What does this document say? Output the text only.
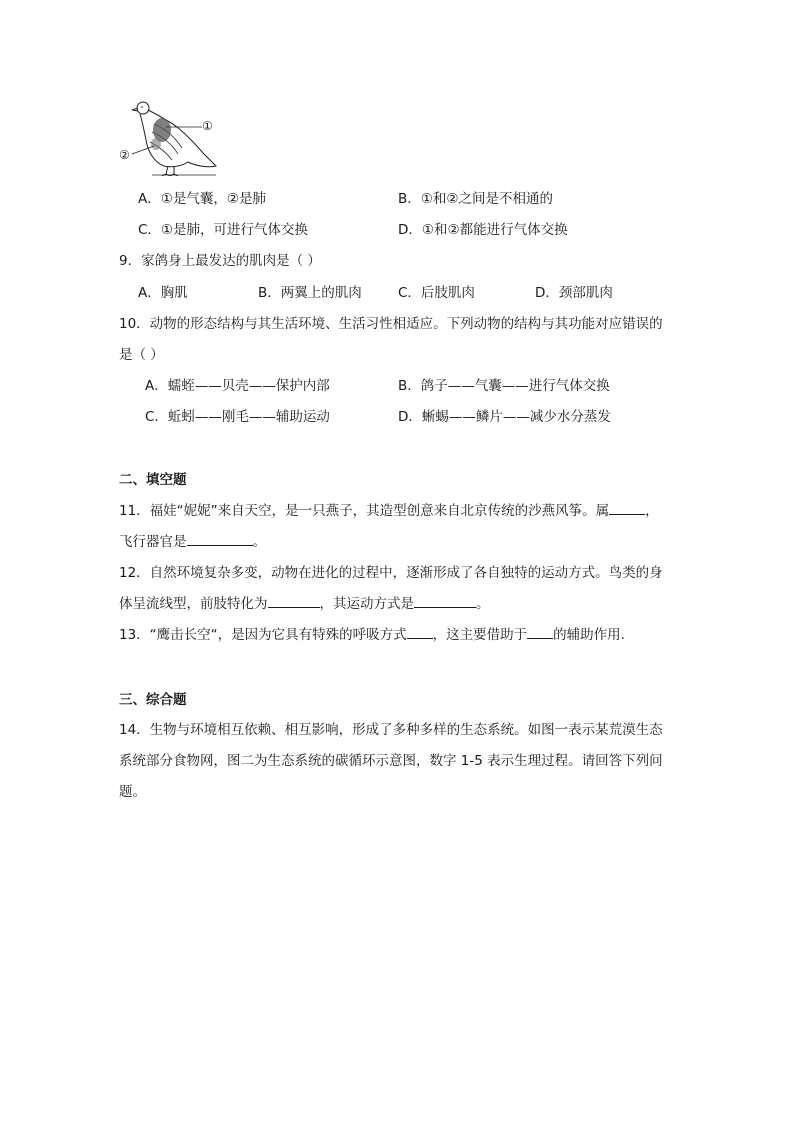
①
②
A．①是气囊，②是肺	B．①和②之间是不相通的
C．①是肺，可进行气体交换	D．①和②都能进行气体交换
9．家鸽身上最发达的肌肉是（ ）
A．胸肌	B．两翼上的肌肉	C．后肢肌肉	D．颈部肌肉
10．动物的形态结构与其生活环境、生活习性相适应。下列动物的结构与其功能对应错误的
是（ ）
A．蠕蛭——贝壳——保护内部	B．鸽子——气囊——进行气体交换
C．蚯蚓——刚毛——辅助运动	D．蜥蜴——鳞片——减少水分蒸发
二、填空题
11．福娃“妮妮”来自天空，是一只燕子，其造型创意来自北京传统的沙燕风筝。属	，
飞行器官是	。
12．自然环境复杂多变，动物在进化的过程中，逐渐形成了各自独特的运动方式。鸟类的身
体呈流线型，前肢特化为	，其运动方式是	。
13．“鹰击长空“，是因为它具有特殊的呼吸方式 ，这主要借助于 的辅助作用.
三、综合题
14．生物与环境相互依赖、相互影响，形成了多种多样的生态系统。如图一表示某荒漠生态
系统部分食物网，图二为生态系统的碳循环示意图，数字 1-5 表示生理过程。请回答下列问
题。
